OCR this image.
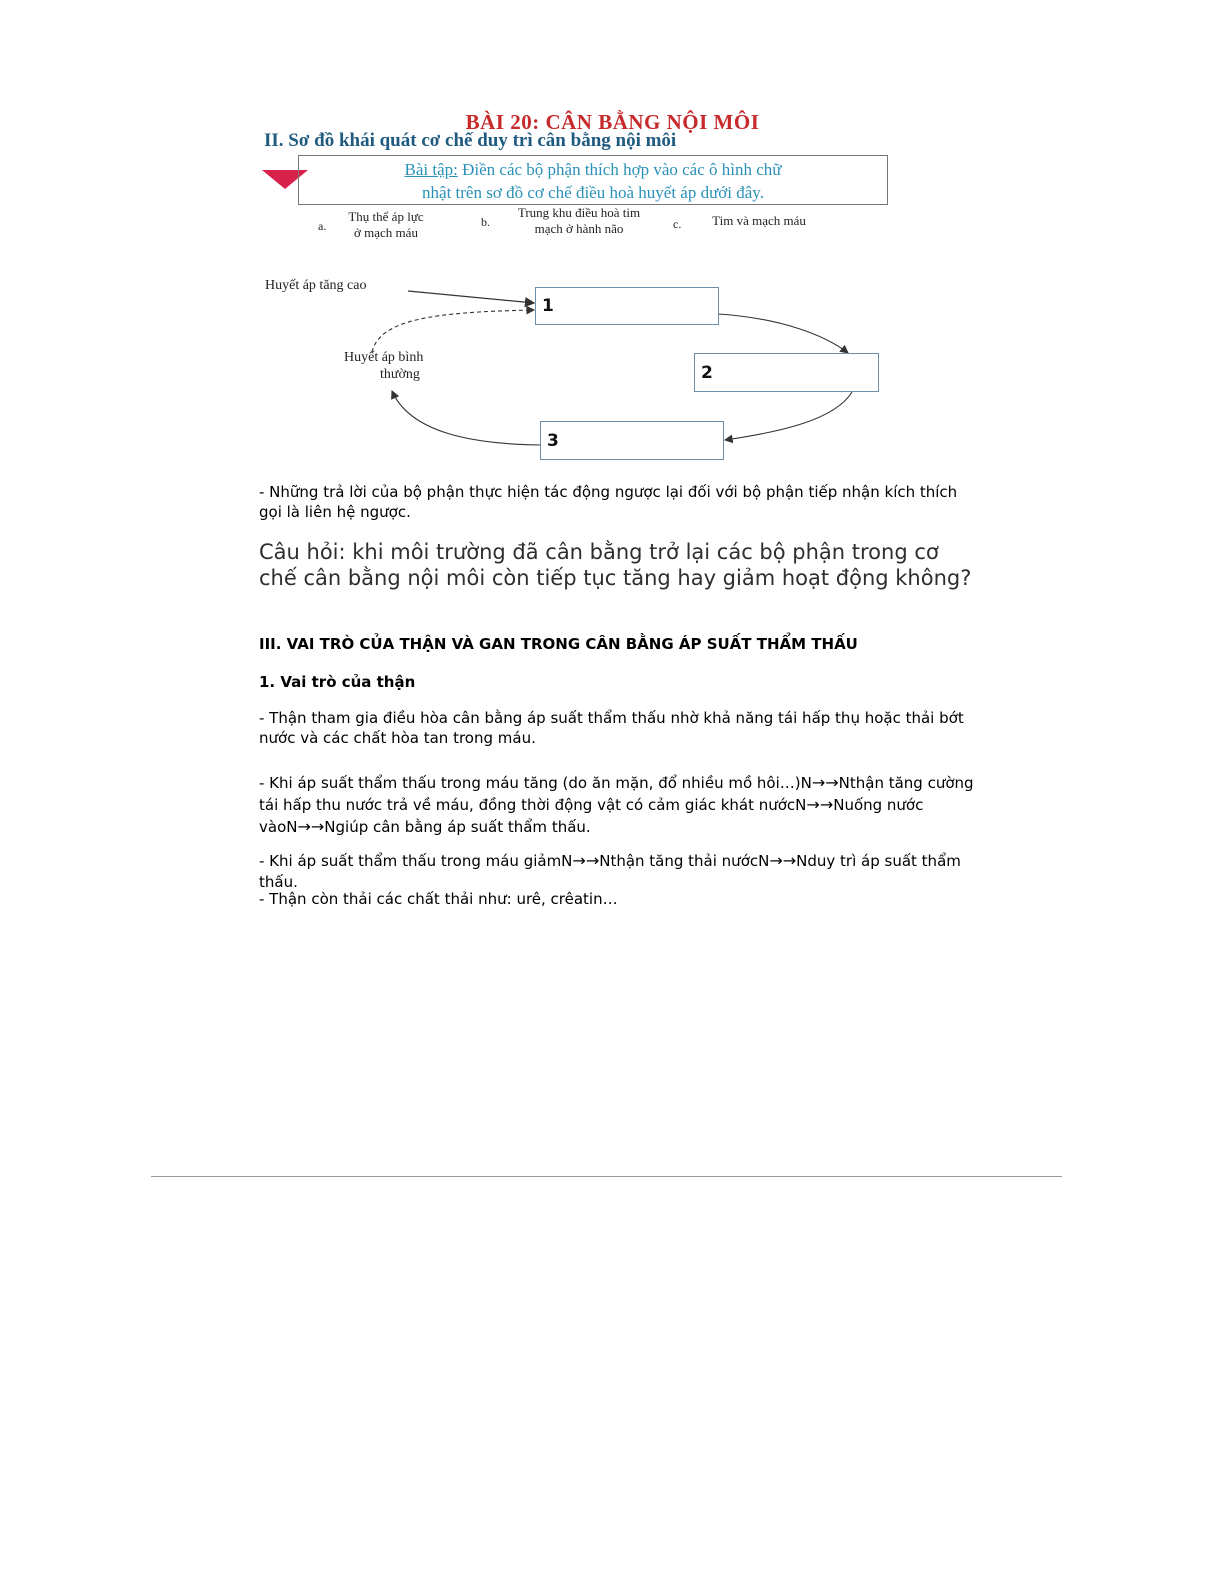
BÀI 20: CÂN BẰNG NỘI MÔI
II. Sơ đồ khái quát cơ chế duy trì cân bằng nội môi
Bài tập: Điền các bộ phận thích hợp vào các ô hình chữ
nhật trên sơ đồ cơ chế điều hoà huyết áp dưới đây.
a.
Thụ thể áp lực
ở mạch máu
b.
Trung khu điều hoà tim
mạch ở hành não	c.	Tim và mạch máu
Huyết áp tăng cao
Huyết áp bình
thường
1
2
3
- Những trả lời của bộ phận thực hiện tác động ngược lại đối với bộ phận tiếp nhận kích thích gọi là liên hệ ngược.
Câu hỏi: khi môi trường đã cân bằng trở lại các bộ phận trong cơ chế cân bằng nội môi còn tiếp tục tăng hay giảm hoạt động không?
III. VAI TRÒ CỦA THẬN VÀ GAN TRONG CÂN BẰNG ÁP SUẤT THẨM THẤU
1. Vai trò của thận
- Thận tham gia điều hòa cân bằng áp suất thẩm thấu nhờ khả năng tái hấp thụ hoặc thải bớt nước và các chất hòa tan trong máu.
- Khi áp suất thẩm thấu trong máu tăng (do ăn mặn, đổ nhiều mồ hôi…)N→→Nthận tăng cường tái hấp thu nước trả về máu, đồng thời động vật có cảm giác khát nướcN→→Nuống nước vàoN→→Ngiúp cân bằng áp suất thẩm thấu.
- Khi áp suất thẩm thấu trong máu giảmN→→Nthận tăng thải nướcN→→Nduy trì áp suất thẩm thấu.
- Thận còn thải các chất thải như: urê, crêatin…
